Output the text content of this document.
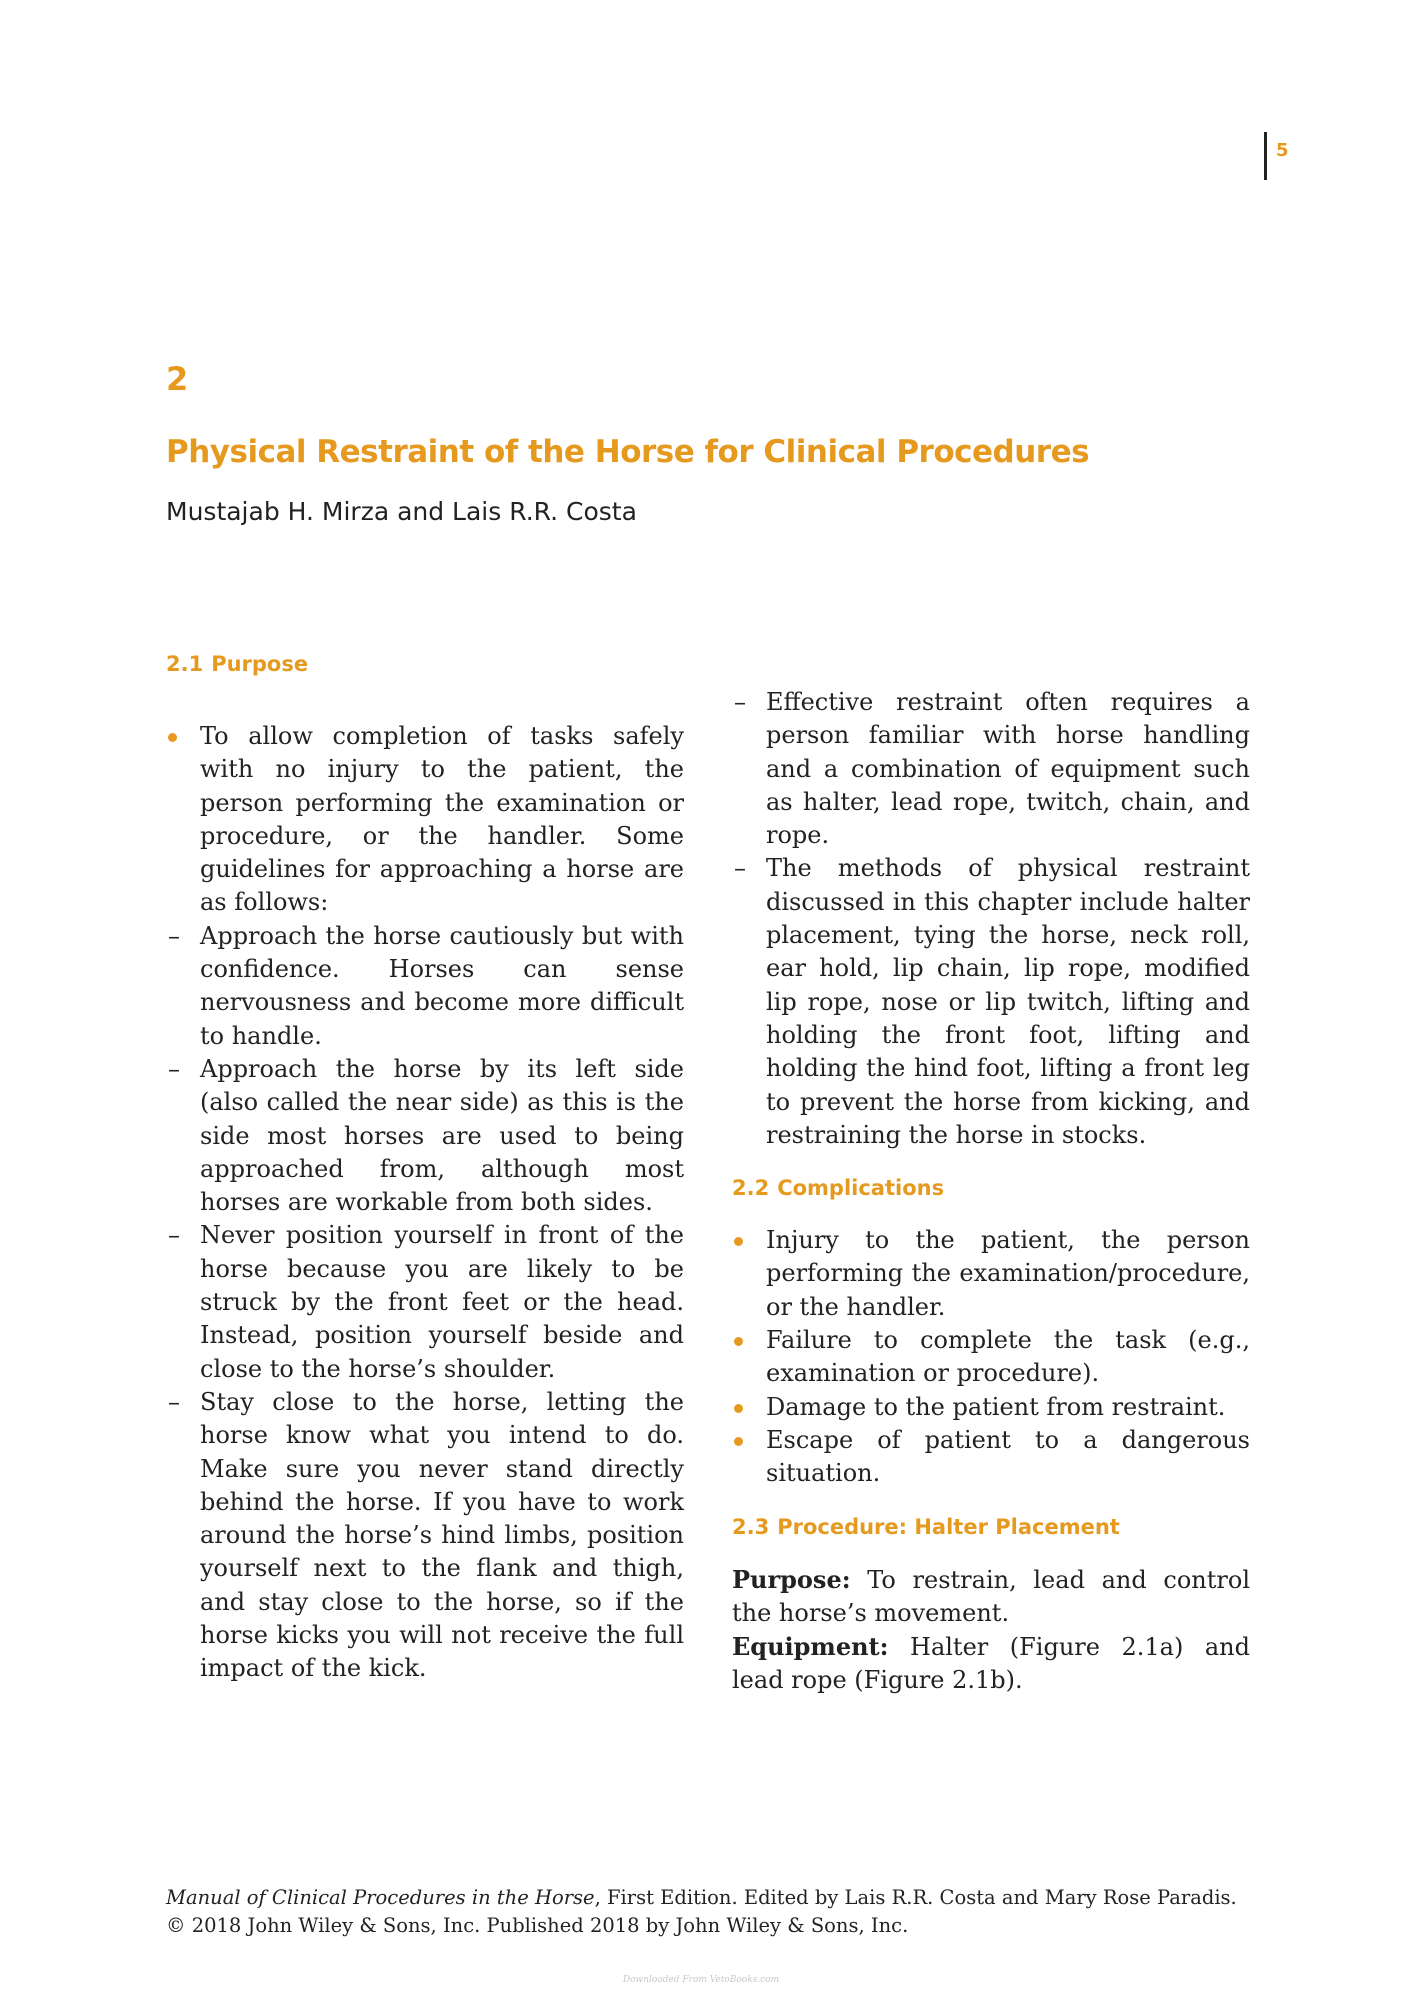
5
2
Physical Restraint of the Horse for Clinical Procedures
Mustajab H. Mirza and Lais R.R. Costa
2.1 Purpose
To allow completion of tasks safely with no injury to the patient, the person performing the examination or procedure, or the handler. Some guidelines for approaching a horse are as follows:
– Approach the horse cautiously but with confidence. Horses can sense nervousness and become more difficult to handle.
– Approach the horse by its left side (also called the near side) as this is the side most horses are used to being approached from, although most horses are workable from both sides.
– Never position yourself in front of the horse because you are likely to be struck by the front feet or the head. Instead, position yourself beside and close to the horse’s shoulder.
– Stay close to the horse, letting the horse know what you intend to do. Make sure you never stand directly behind the horse. If you have to work around the horse’s hind limbs, position yourself next to the flank and thigh, and stay close to the horse, so if the horse kicks you will not receive the full impact of the kick.
– Effective restraint often requires a person familiar with horse handling and a combination of equipment such as halter, lead rope, twitch, chain, and rope.
– The methods of physical restraint discussed in this chapter include halter placement, tying the horse, neck roll, ear hold, lip chain, lip rope, modified lip rope, nose or lip twitch, lifting and holding the front foot, lifting and holding the hind foot, lifting a front leg to prevent the horse from kicking, and restraining the horse in stocks.
2.2 Complications
Injury to the patient, the person performing the examination/procedure, or the handler.
Failure to complete the task (e.g., examination or procedure).
Damage to the patient from restraint.
Escape of patient to a dangerous situation.
2.3 Procedure: Halter Placement

Purpose: To restrain, lead and control the horse’s movement.

Equipment: Halter (Figure 2.1a) and lead rope (Figure 2.1b).

Manual of Clinical Procedures in the Horse, First Edition. Edited by Lais R.R. Costa and Mary Rose Paradis.
© 2018 John Wiley & Sons, Inc. Published 2018 by John Wiley & Sons, Inc.
Downloaded From VetoBooks.com
